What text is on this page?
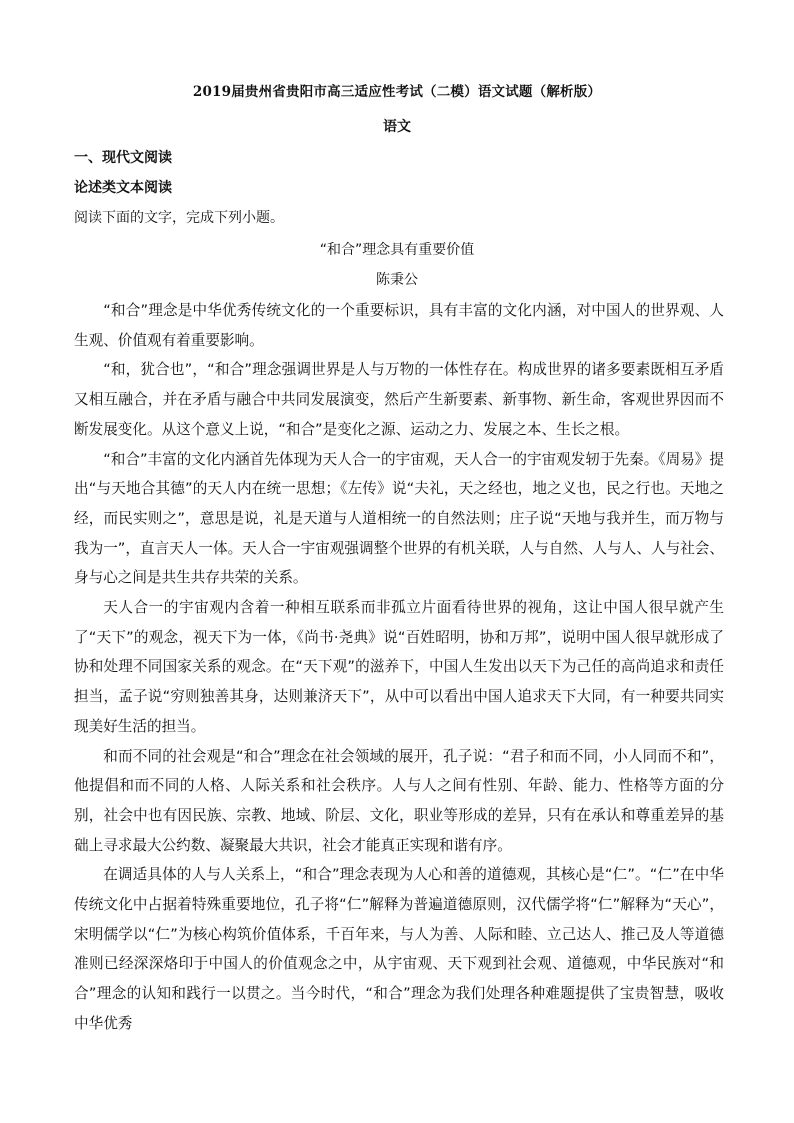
2019届贵州省贵阳市高三适应性考试（二模）语文试题（解析版）
语文
一、现代文阅读
论述类文本阅读
阅读下面的文字，完成下列小题。
“和合”理念具有重要价值
陈秉公

“和合”理念是中华优秀传统文化的一个重要标识，具有丰富的文化内涵，对中国人的世界观、人生观、价值观有着重要影响。

“和，犹合也”，“和合”理念强调世界是人与万物的一体性存在。构成世界的诸多要素既相互矛盾又相互融合，并在矛盾与融合中共同发展演变，然后产生新要素、新事物、新生命，客观世界因而不断发展变化。从这个意义上说，“和合”是变化之源、运动之力、发展之本、生长之根。

“和合”丰富的文化内涵首先体现为天人合一的宇宙观，天人合一的宇宙观发轫于先秦。《周易》提出“与天地合其德”的天人内在统一思想；《左传》说“夫礼，天之经也，地之义也，民之行也。天地之经，而民实则之”，意思是说，礼是天道与人道相统一的自然法则；庄子说“天地与我并生，而万物与我为一”，直言天人一体。天人合一宇宙观强调整个世界的有机关联，人与自然、人与人、人与社会、身与心之间是共生共存共荣的关系。

天人合一的宇宙观内含着一种相互联系而非孤立片面看待世界的视角，这让中国人很早就产生了“天下”的观念，视天下为一体，《尚书·尧典》说“百姓昭明，协和万邦”，说明中国人很早就形成了协和处理不同国家关系的观念。在“天下观”的滋养下，中国人生发出以天下为己任的高尚追求和责任担当，孟子说“穷则独善其身，达则兼济天下”，从中可以看出中国人追求天下大同，有一种要共同实现美好生活的担当。

和而不同的社会观是“和合”理念在社会领域的展开，孔子说：“君子和而不同，小人同而不和”，他提倡和而不同的人格、人际关系和社会秩序。人与人之间有性别、年龄、能力、性格等方面的分别，社会中也有因民族、宗教、地域、阶层、文化，职业等形成的差异，只有在承认和尊重差异的基础上寻求最大公约数、凝聚最大共识，社会才能真正实现和谐有序。

在调适具体的人与人关系上，“和合”理念表现为人心和善的道德观，其核心是“仁”。“仁”在中华传统文化中占据着特殊重要地位，孔子将“仁”解释为普遍道德原则，汉代儒学将“仁”解释为“天心”，宋明儒学以“仁”为核心构筑价值体系，千百年来，与人为善、人际和睦、立己达人、推己及人等道德准则已经深深烙印于中国人的价值观念之中，从宇宙观、天下观到社会观、道德观，中华民族对“和合”理念的认知和践行一以贯之。当今时代，“和合”理念为我们处理各种难题提供了宝贵智慧，吸收中华优秀
